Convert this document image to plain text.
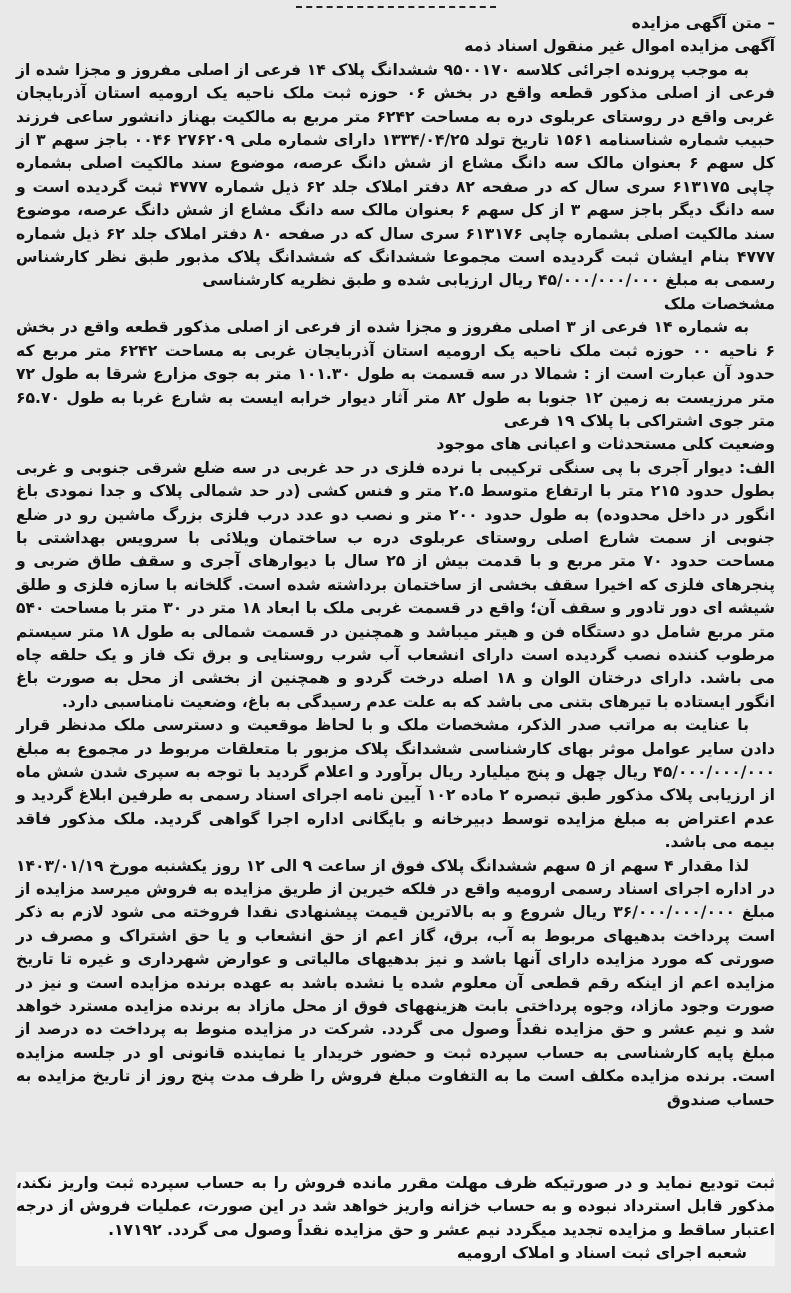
– متن آگهی مزایده

آگهی مزایده اموال غیر منقول اسناد ذمه

به موجب پرونده اجرائی کلاسه ۹۵۰۰۱۷۰ ششدانگ پلاک ۱۴ فرعی از اصلی مفروز و مجزا شده از فرعی از اصلی مذکور قطعه واقع در بخش ۰۶ حوزه ثبت ملک ناحیه یک ارومیه استان آذربایجان غربی واقع در روستای عربلوی دره به مساحت ۶۲۴۲ متر مربع به مالکیت بهناز دانشور ساعی فرزند حبیب شماره شناسنامه ۱۵۶۱ تاریخ تولد ۱۳۳۴/۰۴/۲۵ دارای شماره ملی ۲۷۶۲۰۹ ۰۰۴۶ باجز سهم ۳ از کل سهم ۶ بعنوان مالک سه دانگ مشاع از شش دانگ عرصه، موضوع سند مالکیت اصلی بشماره چاپی ۶۱۳۱۷۵ سری سال که در صفحه ۸۲ دفتر املاک جلد ۶۲ ذیل شماره ۴۷۷۷ ثبت گردیده است و سه دانگ دیگر باجز سهم ۳ از کل سهم ۶ بعنوان مالک سه دانگ مشاع از شش دانگ عرصه، موضوع سند مالکیت اصلی بشماره چاپی ۶۱۳۱۷۶ سری سال که در صفحه ۸۰ دفتر املاک جلد ۶۲ ذیل شماره ۴۷۷۷ بنام ایشان ثبت گردیده است مجموعا ششدانگ که ششدانگ پلاک مذبور طبق نظر کارشناس رسمی به مبلغ ۴۵/۰۰۰/۰۰۰/۰۰۰ ریال ارزیابی شده و طبق نظریه کارشناسی

مشخصات ملک

به شماره ۱۴ فرعی از ۳ اصلی مفروز و مجزا شده از فرعی از اصلی مذکور قطعه واقع در بخش ۶ ناحیه ۰۰ حوزه ثبت ملک ناحیه یک ارومیه استان آذربایجان غربی به مساحت ۶۲۴۲ متر مربع که حدود آن عبارت است از : شمالا در سه قسمت به طول ۱۰۱.۳۰ متر به جوی مزارع شرقا به طول ۷۲ متر مرزیست به زمین ۱۲ جنوبا به طول ۸۲ متر آثار دیوار خرابه ایست به شارع غربا به طول ۶۵.۷۰ متر جوی اشتراکی با پلاک ۱۹ فرعی

وضعیت کلی مستحدثات و اعیانی های موجود

الف: دیوار آجری با پی سنگی ترکیبی با نرده فلزی در حد غربی در سه ضلع شرقی جنوبی و غربی بطول حدود ۲۱۵ متر با ارتفاع متوسط ۲.۵ متر و فنس کشی (در حد شمالی پلاک و جدا نمودی باغ انگور در داخل محدوده) به طول حدود ۲۰۰ متر و نصب دو عدد درب فلزی بزرگ ماشین رو در ضلع جنوبی از سمت شارع اصلی روستای عربلوی دره ب ساختمان ویلائی با سرویس بهداشتی با مساحت حدود ۷۰ متر مربع و با قدمت بیش از ۲۵ سال با دیوارهای آجری و سقف طاق ضربی و پنجرهای فلزی که اخیرا سقف بخشی از ساختمان برداشته شده است. گلخانه با سازه فلزی و طلق شیشه ای دور تادور و سقف آن؛ واقع در قسمت غربی ملک با ابعاد ۱۸ متر در ۳۰ متر با مساحت ۵۴۰ متر مربع شامل دو دستگاه فن و هیتر میباشد و همچنین در قسمت شمالی به طول ۱۸ متر سیستم مرطوب کننده نصب گردیده است دارای انشعاب آب شرب روستایی و برق تک فاز و یک حلقه چاه می باشد. دارای درختان الوان و ۱۸ اصله درخت گردو و همچنین از بخشی از محل به صورت باغ انگور ایستاده با تیرهای بتنی می باشد که به علت عدم رسیدگی به باغ، وضعیت نامناسبی دارد.

با عنایت به مراتب صدر الذکر، مشخصات ملک و با لحاظ موقعیت و دسترسی ملک مدنظر قرار دادن سایر عوامل موثر بهای کارشناسی ششدانگ پلاک مزبور با متعلقات مربوط در مجموع به مبلغ ۴۵/۰۰۰/۰۰۰/۰۰۰ ریال چهل و پنج میلیارد ریال برآورد و اعلام گردید با توجه به سپری شدن شش ماه از ارزیابی پلاک مذکور طبق تبصره ۲ ماده ۱۰۲ آیین نامه اجرای اسناد رسمی به طرفین ابلاغ گردید و عدم اعتراض به مبلغ مزایده توسط دبیرخانه و بایگانی اداره اجرا گواهی گردید. ملک مذکور فاقد بیمه می باشد.

لذا مقدار ۴ سهم از ۵ سهم ششدانگ پلاک فوق از ساعت ۹ الی ۱۲ روز یکشنبه مورخ ۱۴۰۳/۰۱/۱۹ در اداره اجرای اسناد رسمی ارومیه واقع در فلکه خیرین از طریق مزایده به فروش میرسد مزایده از مبلغ ۳۶/۰۰۰/۰۰۰/۰۰۰ ریال شروع و به بالاترین قیمت پیشنهادی نقدا فروخته می شود لازم به ذکر است پرداخت بدهیهای مربوط به آب، برق، گاز اعم از حق انشعاب و یا حق اشتراک و مصرف در صورتی که مورد مزایده دارای آنها باشد و نیز بدهیهای مالیاتی و عوارض شهرداری و غیره تا تاریخ مزایده اعم از اینکه رقم قطعی آن معلوم شده یا نشده باشد به عهده برنده مزایده است و نیز در صورت وجود مازاد، وجوه پرداختی بابت هزینههای فوق از محل مازاد به برنده مزایده مسترد خواهد شد و نیم عشر و حق مزایده نقداً وصول می گردد. شرکت در مزایده منوط به پرداخت ده درصد از مبلغ پایه کارشناسی به حساب سپرده ثبت و حضور خریدار یا نماینده قانونی او در جلسه مزایده است. برنده مزایده مکلف است ما به التفاوت مبلغ فروش را ظرف مدت پنج روز از تاریخ مزایده به حساب صندوق

ثبت تودیع نماید و در صورتیکه ظرف مهلت مقرر مانده فروش را به حساب سپرده ثبت واریز نکند، مذکور قابل استرداد نبوده و به حساب خزانه واریز خواهد شد در این صورت، عملیات فروش از درجه اعتبار ساقط و مزایده تجدید میگردد نیم عشر و حق مزایده نقداً وصول می گردد. ۱۷۱۹۲.

شعبه اجرای ثبت اسناد و املاک ارومیه
